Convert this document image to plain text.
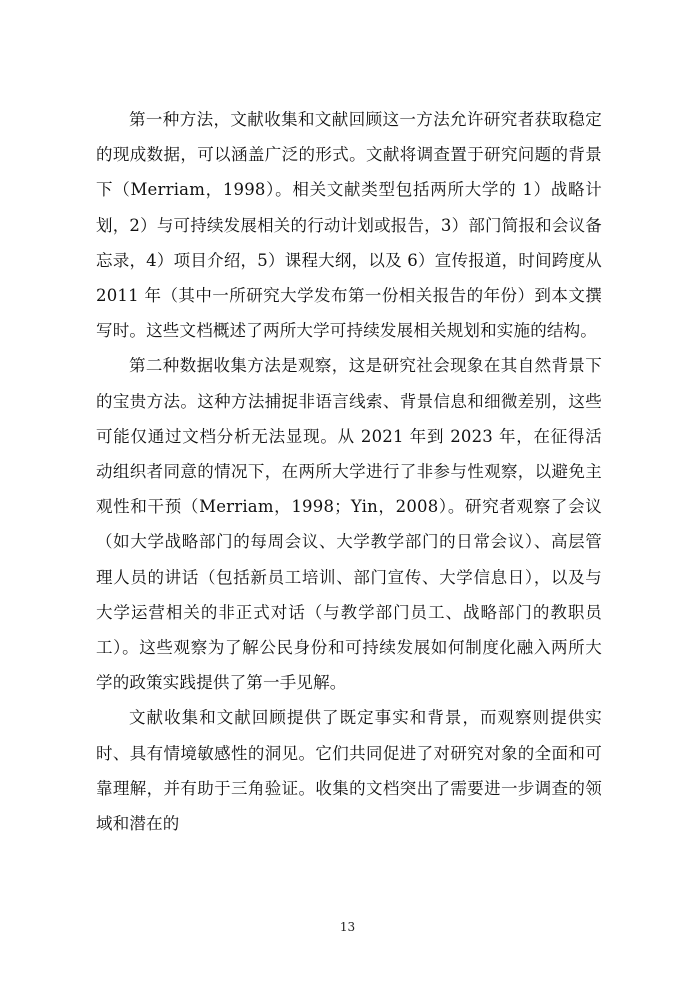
第一种方法，文献收集和文献回顾这一方法允许研究者获取稳定的现成数据，可以涵盖广泛的形式。文献将调查置于研究问题的背景下（Merriam，1998）。相关文献类型包括两所大学的 1）战略计划，2）与可持续发展相关的行动计划或报告，3）部门简报和会议备忘录，4）项目介绍，5）课程大纲，以及 6）宣传报道，时间跨度从 2011 年（其中一所研究大学发布第一份相关报告的年份）到本文撰写时。这些文档概述了两所大学可持续发展相关规划和实施的结构。

第二种数据收集方法是观察，这是研究社会现象在其自然背景下的宝贵方法。这种方法捕捉非语言线索、背景信息和细微差别，这些可能仅通过文档分析无法显现。从 2021 年到 2023 年，在征得活动组织者同意的情况下，在两所大学进行了非参与性观察，以避免主观性和干预（Merriam，1998；Yin，2008）。研究者观察了会议（如大学战略部门的每周会议、大学教学部门的日常会议）、高层管理人员的讲话（包括新员工培训、部门宣传、大学信息日），以及与大学运营相关的非正式对话（与教学部门员工、战略部门的教职员工）。这些观察为了解公民身份和可持续发展如何制度化融入两所大学的政策实践提供了第一手见解。

文献收集和文献回顾提供了既定事实和背景，而观察则提供实时、具有情境敏感性的洞见。它们共同促进了对研究对象的全面和可靠理解，并有助于三角验证。收集的文档突出了需要进一步调查的领域和潜在的

13
